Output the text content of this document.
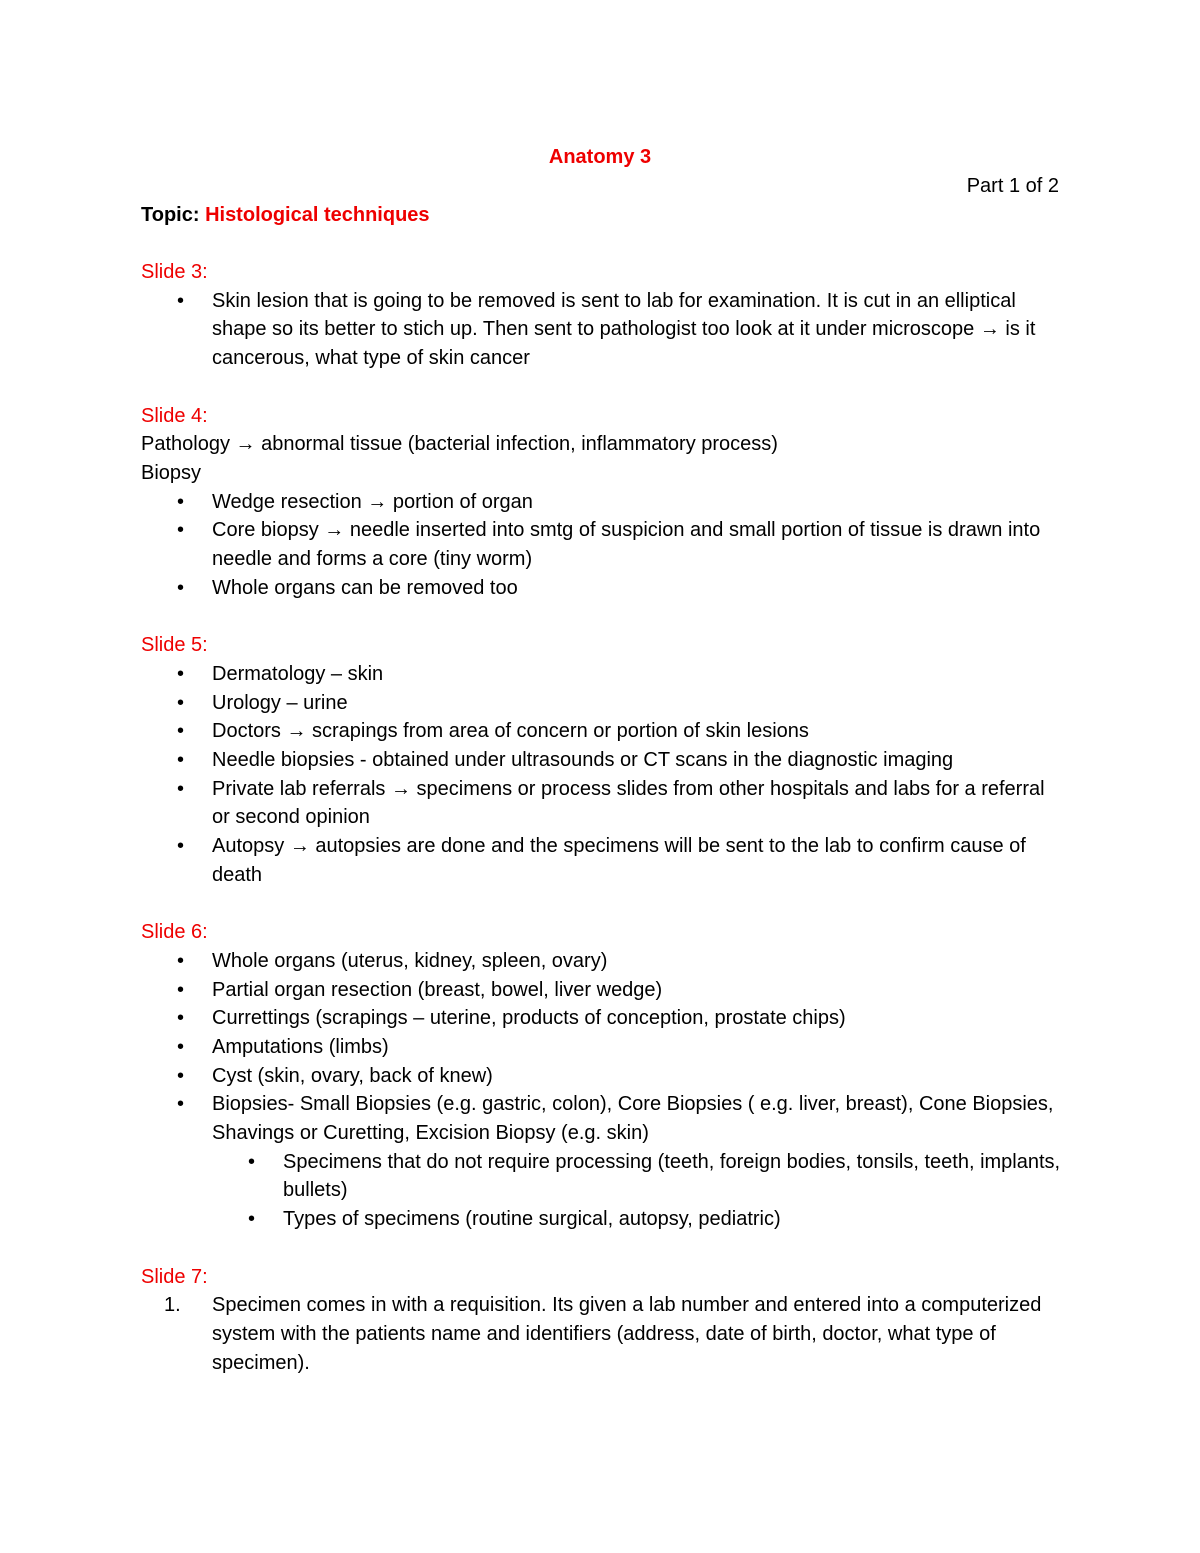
Anatomy 3
Part 1 of 2
Topic: Histological techniques
Slide 3:
• Skin lesion that is going to be removed is sent to lab for examination. It is cut in an elliptical shape so its better to stich up. Then sent to pathologist too look at it under microscope → is it cancerous, what type of skin cancer
Slide 4:
Pathology → abnormal tissue (bacterial infection, inflammatory process)
Biopsy
• Wedge resection → portion of organ
• Core biopsy → needle inserted into smtg of suspicion and small portion of tissue is drawn into needle and forms a core (tiny worm)
• Whole organs can be removed too
Slide 5:
• Dermatology – skin
• Urology – urine
• Doctors → scrapings from area of concern or portion of skin lesions
• Needle biopsies - obtained under ultrasounds or CT scans in the diagnostic imaging
• Private lab referrals → specimens or process slides from other hospitals and labs for a referral or second opinion
• Autopsy → autopsies are done and the specimens will be sent to the lab to confirm cause of death
Slide 6:
• Whole organs (uterus, kidney, spleen, ovary)
• Partial organ resection (breast, bowel, liver wedge)
• Currettings (scrapings – uterine, products of conception, prostate chips)
• Amputations (limbs)
• Cyst (skin, ovary, back of knew)
• Biopsies- Small Biopsies (e.g. gastric, colon), Core Biopsies ( e.g. liver, breast), Cone Biopsies, Shavings or Curetting, Excision Biopsy (e.g. skin)
• Specimens that do not require processing (teeth, foreign bodies, tonsils, teeth, implants, bullets)
• Types of specimens (routine surgical, autopsy, pediatric)
Slide 7:
1. Specimen comes in with a requisition. Its given a lab number and entered into a computerized system with the patients name and identifiers (address, date of birth, doctor, what type of specimen).
